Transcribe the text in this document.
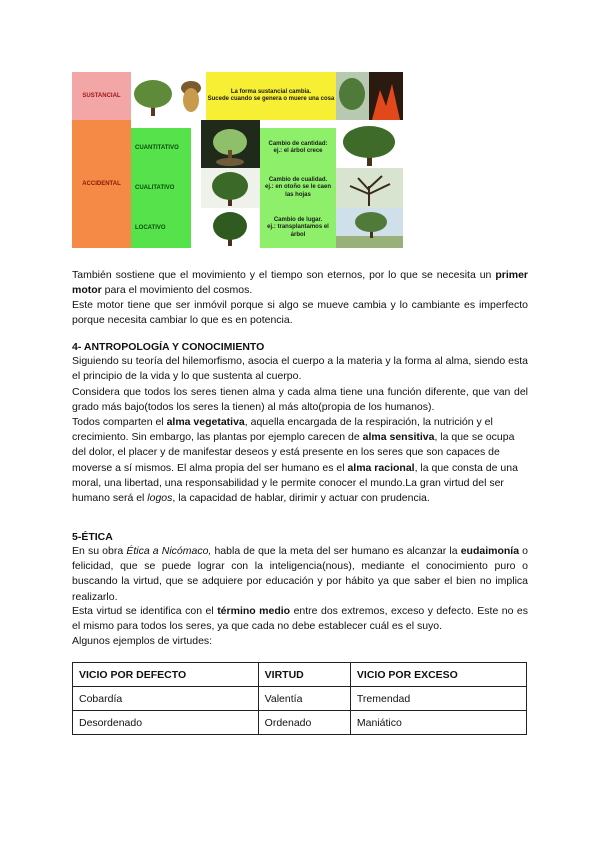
SUSTANCIAL
ACCIDENTAL
La forma sustancial cambia.
Sucede cuando se genera o muere una cosa
CUANTITATIVO
Cambio de cantidad:
ej.: el árbol crece
CUALITATIVO
Cambio de cualidad.
ej.: en otoño se le caen las hojas
LOCATIVO
Cambio de lugar.
ej.: transplantamos el árbol

También sostiene que el movimiento y el tiempo son eternos, por lo que se necesita un primer motor para el movimiento del cosmos.

Este motor tiene que ser inmóvil porque si algo se mueve cambia y lo cambiante es imperfecto porque necesita cambiar lo que es en potencia.

4- ANTROPOLOGÍA Y CONOCIMIENTO

Siguiendo su teoría del hilemorfismo, asocia el cuerpo a la materia y la forma al alma, siendo esta el principio de la vida y lo que sustenta al cuerpo.

Considera que todos los seres tienen alma y cada alma tiene una función diferente, que van del grado más bajo(todos los seres la tienen) al más alto(propia de los humanos).

Todos comparten el alma vegetativa, aquella encargada de la respiración, la nutrición y el crecimiento. Sin embargo, las plantas por ejemplo carecen de alma sensitiva, la que se ocupa del dolor, el placer y de manifestar deseos y está presente en los seres que son capaces de moverse a sí mismos. El alma propia del ser humano es el alma racional, la que consta de una moral, una libertad, una responsabilidad y le permite conocer el mundo.La gran virtud del ser humano será el logos, la capacidad de hablar, dirimir y actuar con prudencia.

5-ÉTICA

En su obra Ética a Nicómaco, habla de que la meta del ser humano es alcanzar la eudaimonía o felicidad, que se puede lograr con la inteligencia(nous), mediante el conocimiento puro o buscando la virtud, que se adquiere por educación y por hábito ya que saber el bien no implica realizarlo.

Esta virtud se identifica con el término medio entre dos extremos, exceso y defecto. Este no es el mismo para todos los seres, ya que cada no debe establecer cuál es el suyo.

Algunos ejemplos de virtudes:

VICIO POR DEFECTO	VIRTUD	VICIO POR EXCESO
Cobardía	Valentía	Tremendad
Desordenado	Ordenado	Maniático
